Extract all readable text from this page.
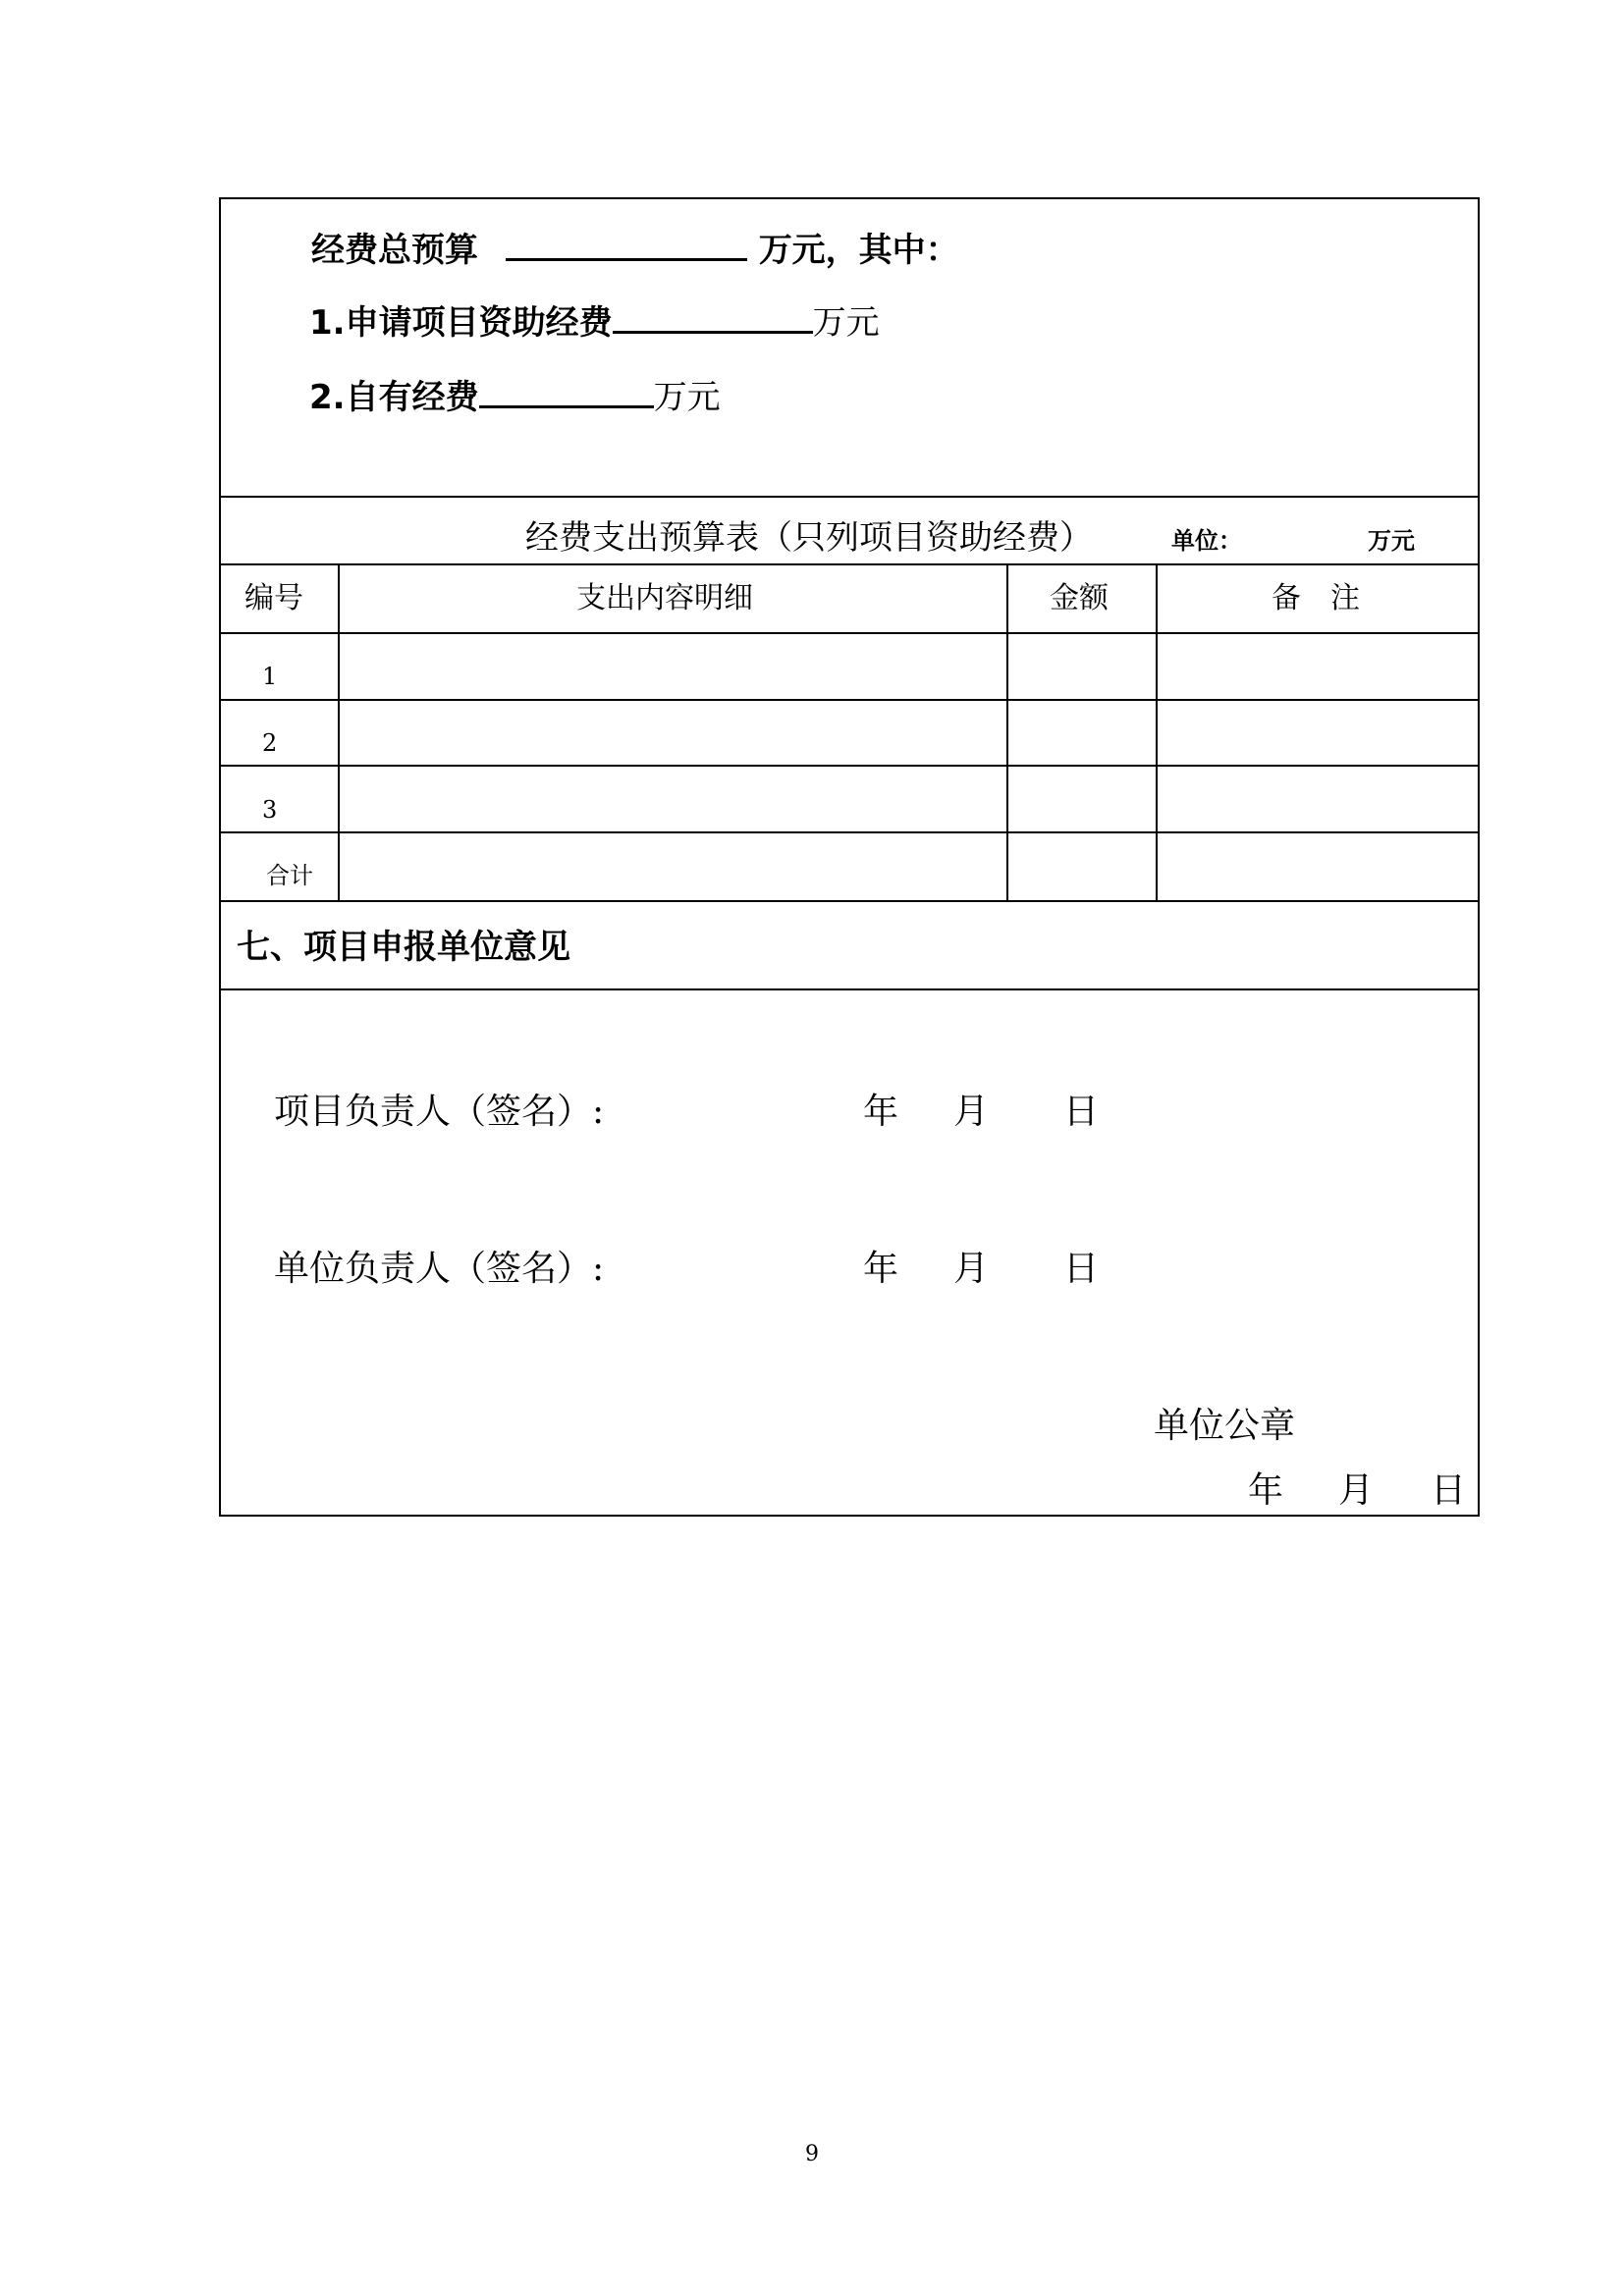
经费总预算	万元，其中：
1.申请项目资助经费	万元
2.自有经费	万元
经费支出预算表（只列项目资助经费）	单位：	万元
编号	支出内容明细	金额	备　注
1
2
3
合计
七、项目申报单位意见
项目负责人（签名）:	年 月 日
单位负责人（签名）:	年 月 日
单位公章
年 月 日
9
